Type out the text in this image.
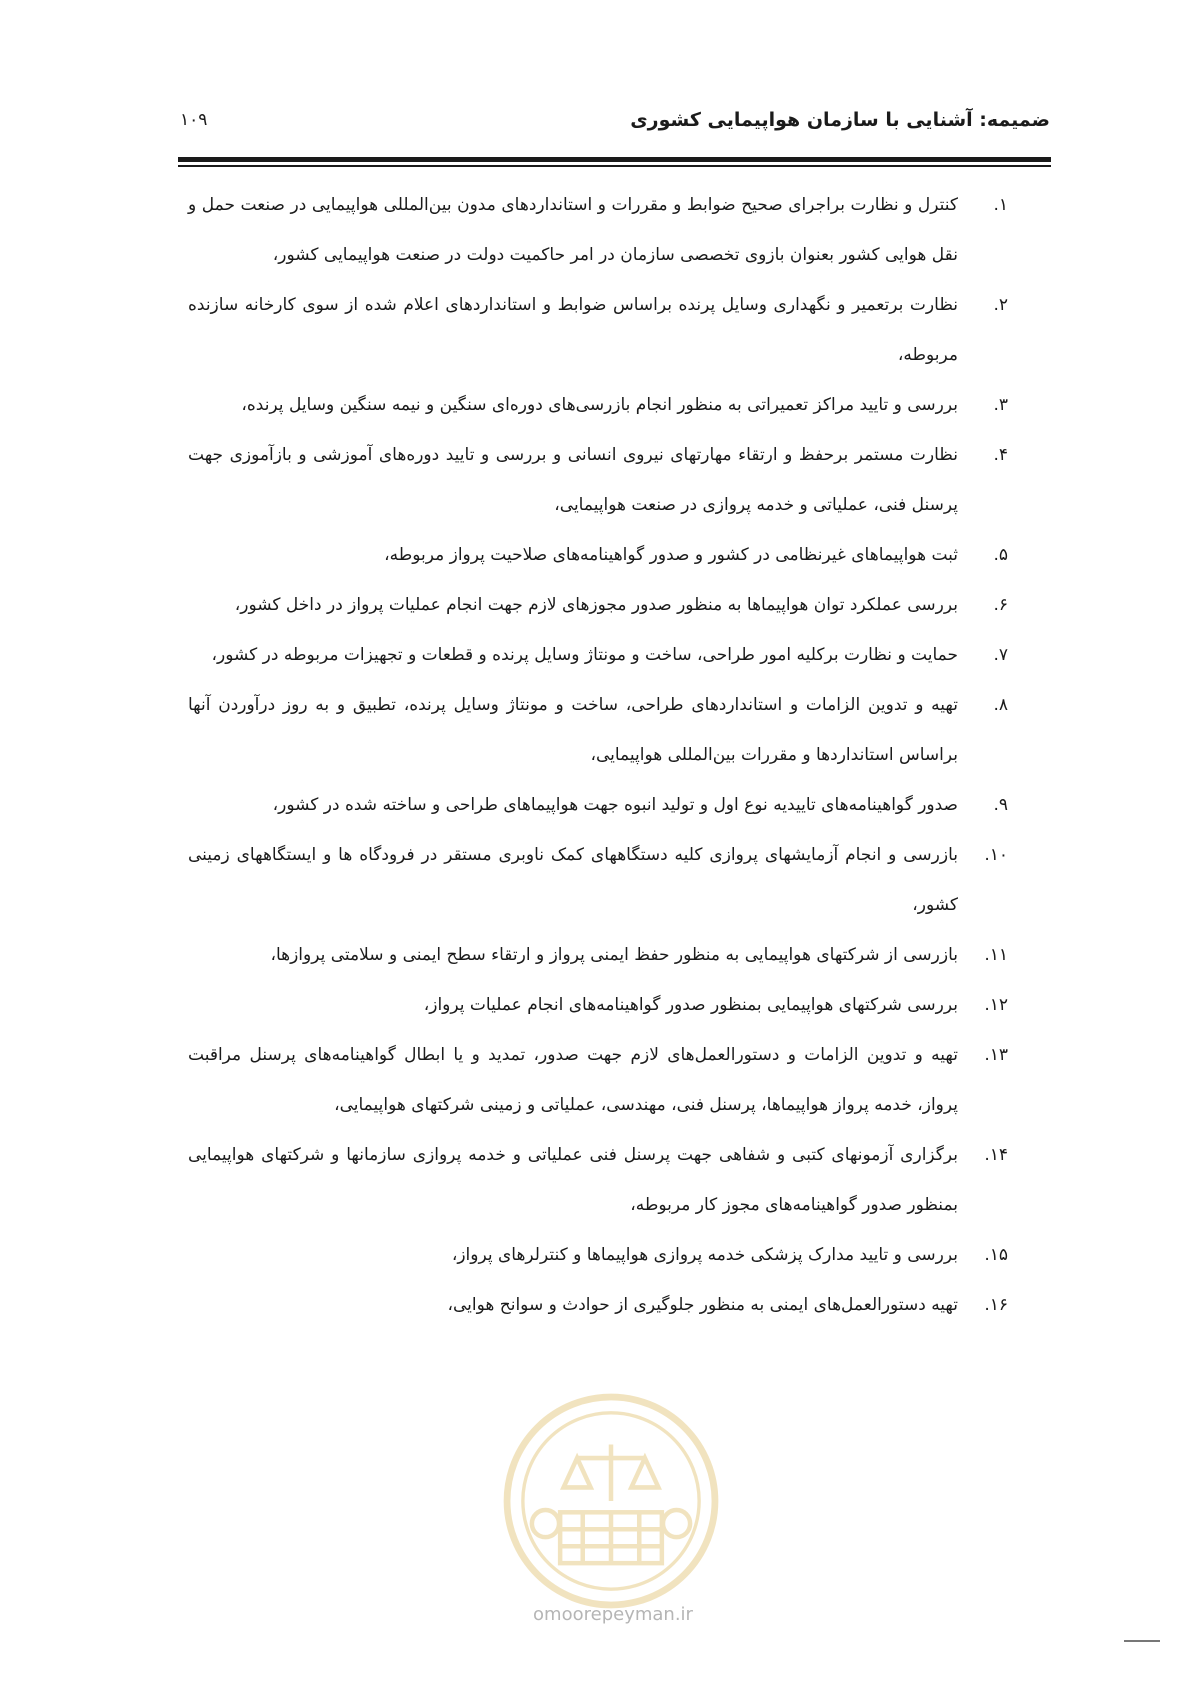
۱۰۹	ضمیمه: آشنایی با سازمان هواپیمایی کشوری
۱.
کنترل و نظارت براجرای صحیح ضوابط و مقررات و استانداردهای مدون بین‌المللی هواپیمایی در صنعت حمل و نقل هوایی کشور بعنوان بازوی تخصصی سازمان در امر حاکمیت دولت در صنعت هواپیمایی کشور،
۲.
نظارت برتعمیر و نگهداری وسایل پرنده براساس ضوابط و استانداردهای اعلام شده از سوی کارخانه سازنده مربوطه،
۳.
بررسی و تایید مراکز تعمیراتی به منظور انجام بازرسی‌های دوره‌ای سنگین و نیمه سنگین وسایل پرنده،
۴.
نظارت مستمر برحفظ و ارتقاء مهارتهای نیروی انسانی و بررسی و تایید دوره‌های آموزشی و بازآموزی جهت پرسنل فنی، عملیاتی و خدمه پروازی در صنعت هواپیمایی،
۵.
ثبت هواپیماهای غیرنظامی در کشور و صدور گواهینامه‌های صلاحیت پرواز مربوطه،
۶.
بررسی عملکرد توان هواپیماها به منظور صدور مجوزهای لازم جهت انجام عملیات پرواز در داخل کشور،
۷.
حمایت و نظارت برکلیه امور طراحی، ساخت و مونتاژ وسایل پرنده و قطعات و تجهیزات مربوطه در کشور،
۸.
تهیه و تدوین الزامات و استانداردهای طراحی، ساخت و مونتاژ وسایل پرنده، تطبیق و به روز درآوردن آنها براساس استانداردها و مقررات بین‌المللی هواپیمایی،
۹.
صدور گواهینامه‌های تاییدیه نوع اول و تولید انبوه جهت هواپیماهای طراحی و ساخته شده در کشور،
۱۰.
بازرسی و انجام آزمایشهای پروازی کلیه دستگاههای کمک ناوبری مستقر در فرودگاه ها و ایستگاههای زمینی کشور،
۱۱.
بازرسی از شرکتهای هواپیمایی به منظور حفظ ایمنی پرواز و ارتقاء سطح ایمنی و سلامتی پروازها،
۱۲.
بررسی شرکتهای هواپیمایی بمنظور صدور گواهینامه‌های انجام عملیات پرواز،
۱۳.
تهیه و تدوین الزامات و دستورالعمل‌های لازم جهت صدور، تمدید و یا ابطال گواهینامه‌های پرسنل مراقبت پرواز، خدمه پرواز هواپیماها، پرسنل فنی، مهندسی، عملیاتی و زمینی شرکتهای هواپیمایی،
۱۴.
برگزاری آزمونهای کتبی و شفاهی جهت پرسنل فنی عملیاتی و خدمه پروازی سازمانها و شرکتهای هواپیمایی بمنظور صدور گواهینامه‌های مجوز کار مربوطه،
۱۵.
بررسی و تایید مدارک پزشکی خدمه پروازی هواپیماها و کنترلرهای پرواز،
۱۶.
تهیه دستورالعمل‌های ایمنی به منظور جلوگیری از حوادث و سوانح هوایی،
omoorepeyman.ir
